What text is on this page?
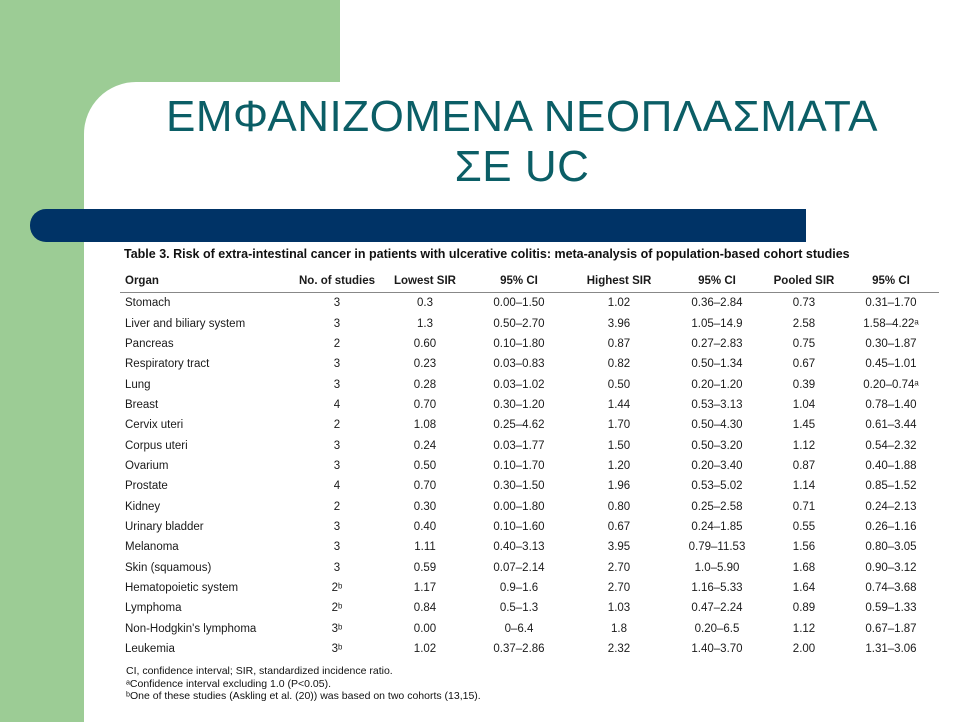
ΕΜΦΑΝΙΖΟΜΕΝΑ ΝΕΟΠΛΑΣΜΑΤΑ
ΣΕ UC
Table 3. Risk of extra-intestinal cancer in patients with ulcerative colitis: meta-analysis of population-based cohort studies
Organ	No. of studies	Lowest SIR	95% CI	Highest SIR	95% CI	Pooled SIR	95% CI
Stomach	3	0.3	0.00–1.50	1.02	0.36–2.84	0.73	0.31–1.70
Liver and biliary system	3	1.3	0.50–2.70	3.96	1.05–14.9	2.58	1.58–4.22ᵃ
Pancreas	2	0.60	0.10–1.80	0.87	0.27–2.83	0.75	0.30–1.87
Respiratory tract	3	0.23	0.03–0.83	0.82	0.50–1.34	0.67	0.45–1.01
Lung	3	0.28	0.03–1.02	0.50	0.20–1.20	0.39	0.20–0.74ᵃ
Breast	4	0.70	0.30–1.20	1.44	0.53–3.13	1.04	0.78–1.40
Cervix uteri	2	1.08	0.25–4.62	1.70	0.50–4.30	1.45	0.61–3.44
Corpus uteri	3	0.24	0.03–1.77	1.50	0.50–3.20	1.12	0.54–2.32
Ovarium	3	0.50	0.10–1.70	1.20	0.20–3.40	0.87	0.40–1.88
Prostate	4	0.70	0.30–1.50	1.96	0.53–5.02	1.14	0.85–1.52
Kidney	2	0.30	0.00–1.80	0.80	0.25–2.58	0.71	0.24–2.13
Urinary bladder	3	0.40	0.10–1.60	0.67	0.24–1.85	0.55	0.26–1.16
Melanoma	3	1.11	0.40–3.13	3.95	0.79–11.53	1.56	0.80–3.05
Skin (squamous)	3	0.59	0.07–2.14	2.70	1.0–5.90	1.68	0.90–3.12
Hematopoietic system	2ᵇ	1.17	0.9–1.6	2.70	1.16–5.33	1.64	0.74–3.68
Lymphoma	2ᵇ	0.84	0.5–1.3	1.03	0.47–2.24	0.89	0.59–1.33
Non-Hodgkin's lymphoma	3ᵇ	0.00	0–6.4	1.8	0.20–6.5	1.12	0.67–1.87
Leukemia	3ᵇ	1.02	0.37–2.86	2.32	1.40–3.70	2.00	1.31–3.06
CI, confidence interval; SIR, standardized incidence ratio.
ᵃConfidence interval excluding 1.0 (P<0.05).
ᵇOne of these studies (Askling et al. (20)) was based on two cohorts (13,15).
